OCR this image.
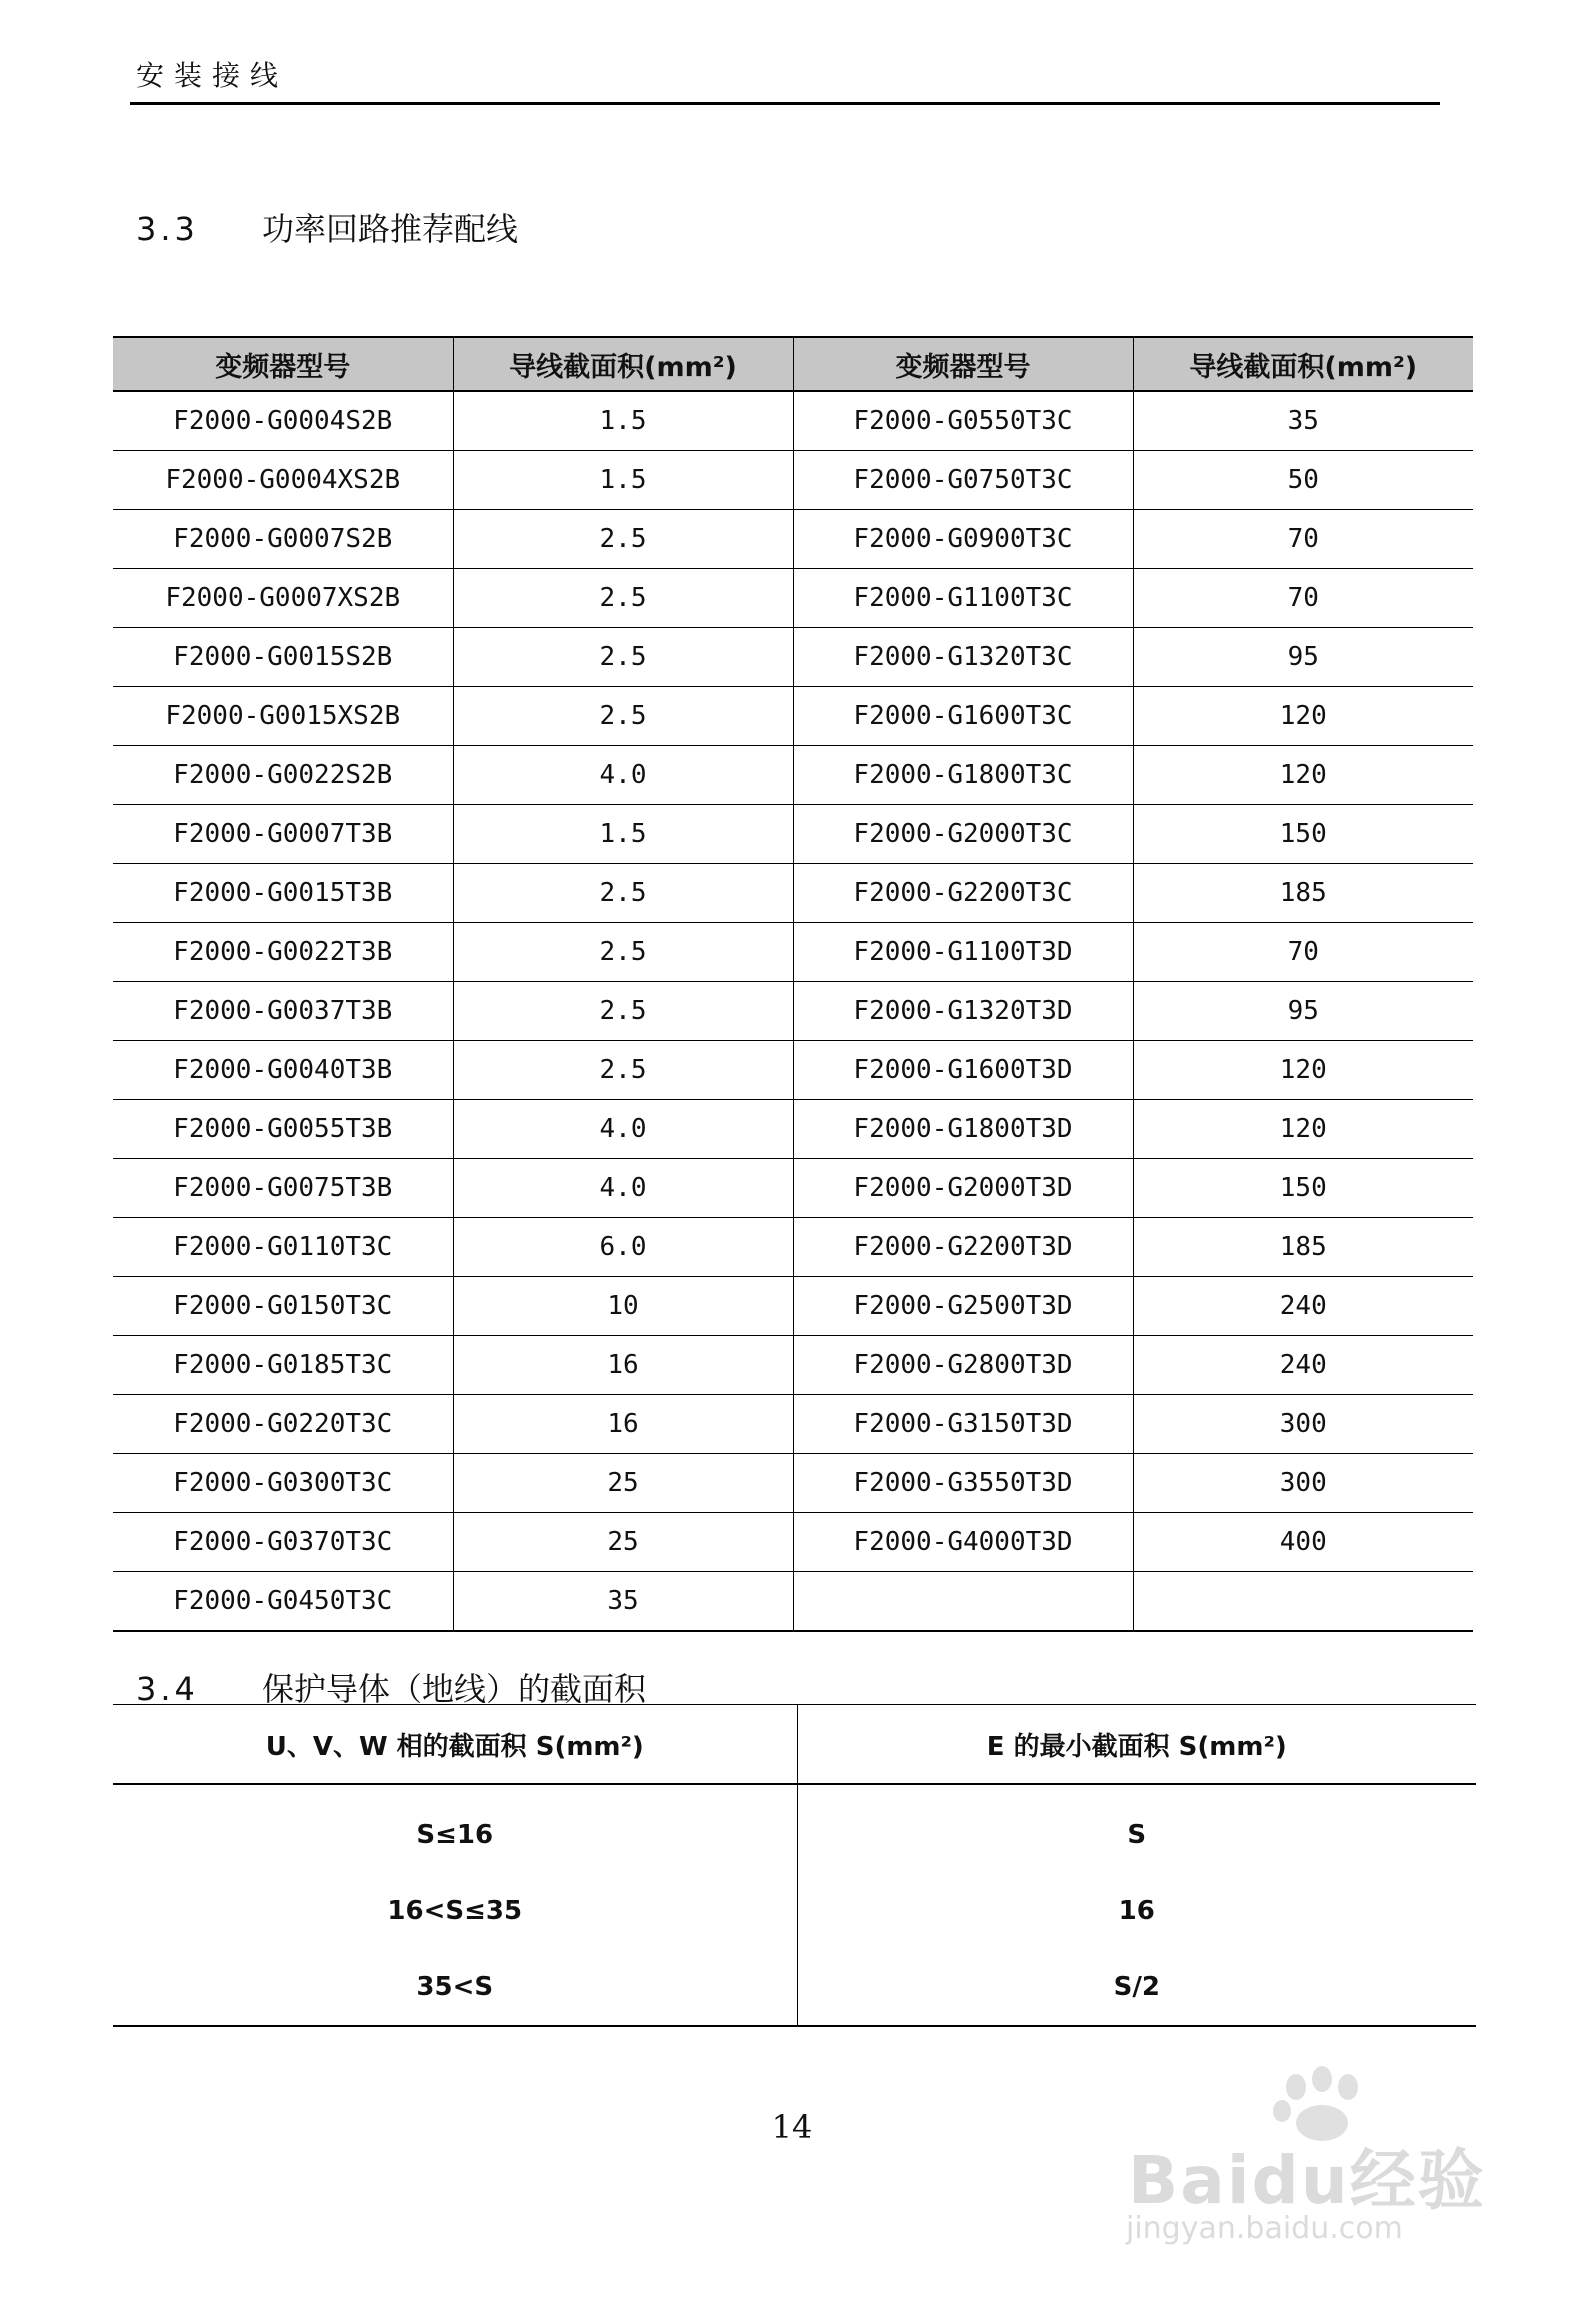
安装接线
3.3 功率回路推荐配线
变频器型号	导线截面积(mm²)	变频器型号	导线截面积(mm²)
F2000-G0004S2B	1.5	F2000-G0550T3C	35
F2000-G0004XS2B	1.5	F2000-G0750T3C	50
F2000-G0007S2B	2.5	F2000-G0900T3C	70
F2000-G0007XS2B	2.5	F2000-G1100T3C	70
F2000-G0015S2B	2.5	F2000-G1320T3C	95
F2000-G0015XS2B	2.5	F2000-G1600T3C	120
F2000-G0022S2B	4.0	F2000-G1800T3C	120
F2000-G0007T3B	1.5	F2000-G2000T3C	150
F2000-G0015T3B	2.5	F2000-G2200T3C	185
F2000-G0022T3B	2.5	F2000-G1100T3D	70
F2000-G0037T3B	2.5	F2000-G1320T3D	95
F2000-G0040T3B	2.5	F2000-G1600T3D	120
F2000-G0055T3B	4.0	F2000-G1800T3D	120
F2000-G0075T3B	4.0	F2000-G2000T3D	150
F2000-G0110T3C	6.0	F2000-G2200T3D	185
F2000-G0150T3C	10	F2000-G2500T3D	240
F2000-G0185T3C	16	F2000-G2800T3D	240
F2000-G0220T3C	16	F2000-G3150T3D	300
F2000-G0300T3C	25	F2000-G3550T3D	300
F2000-G0370T3C	25	F2000-G4000T3D	400
F2000-G0450T3C	35		
3.4 保护导体（地线）的截面积
U、V、W 相的截面积 S(mm²)	E 的最小截面积 S(mm²)
S≤16	S
16<S≤35	16
35<S	S/2
14
Baidu经验
jingyan.baidu.com
